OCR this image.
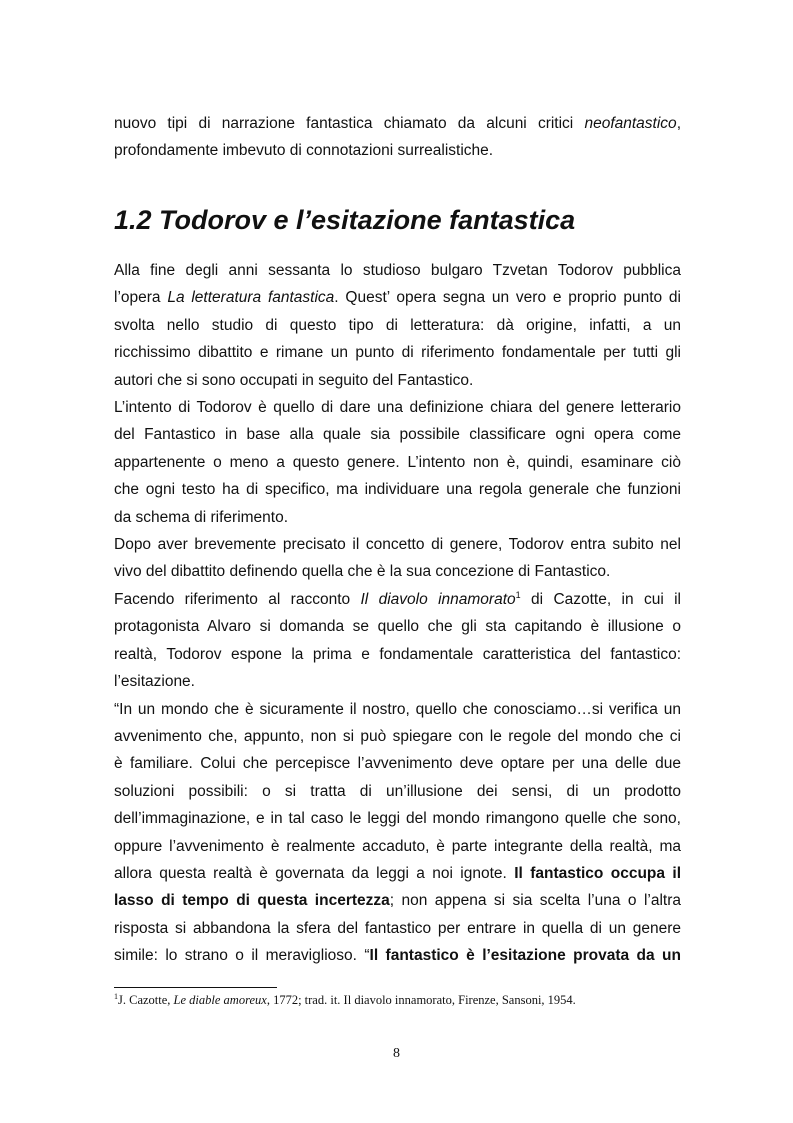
nuovo tipi di narrazione fantastica chiamato da alcuni critici neofantastico,
profondamente imbevuto di connotazioni surrealistiche.

1.2 Todorov e l’esitazione fantastica
Alla fine degli anni sessanta lo studioso bulgaro Tzvetan Todorov pubblica
l’opera La letteratura fantastica. Quest’ opera segna un vero e proprio punto di
svolta nello studio di questo tipo di letteratura: dà origine, infatti, a un
ricchissimo dibattito e rimane un punto di riferimento fondamentale per tutti gli
autori che si sono occupati in seguito del Fantastico.
L’intento di Todorov è quello di dare una definizione chiara del genere letterario
del Fantastico in base alla quale sia possibile classificare ogni opera come
appartenente o meno a questo genere. L’intento non è, quindi, esaminare ciò
che ogni testo ha di specifico, ma individuare una regola generale che funzioni
da schema di riferimento.
Dopo aver brevemente precisato il concetto di genere, Todorov entra subito nel
vivo del dibattito definendo quella che è la sua concezione di Fantastico.
Facendo riferimento al racconto Il diavolo innamorato$^1$ di Cazotte, in cui il
protagonista Alvaro si domanda se quello che gli sta capitando è illusione o
realtà, Todorov espone la prima e fondamentale caratteristica del fantastico:
l’esitazione.
“In un mondo che è sicuramente il nostro, quello che conosciamo…si verifica un
avvenimento che, appunto, non si può spiegare con le regole del mondo che ci
è familiare. Colui che percepisce l’avvenimento deve optare per una delle due
soluzioni possibili: o si tratta di un’illusione dei sensi, di un prodotto
dell’immaginazione, e in tal caso le leggi del mondo rimangono quelle che sono,
oppure l’avvenimento è realmente accaduto, è parte integrante della realtà, ma
allora questa realtà è governata da leggi a noi ignote. Il fantastico occupa il
lasso di tempo di questa incertezza; non appena si sia scelta l’una o l’altra
risposta si abbandona la sfera del fantastico per entrare in quella di un genere
simile: lo strano o il meraviglioso. “Il fantastico è l’esitazione provata da un

$^1$J. Cazotte, Le diable amoreux, 1772; trad. it. Il diavolo innamorato, Firenze, Sansoni, 1954.

8
